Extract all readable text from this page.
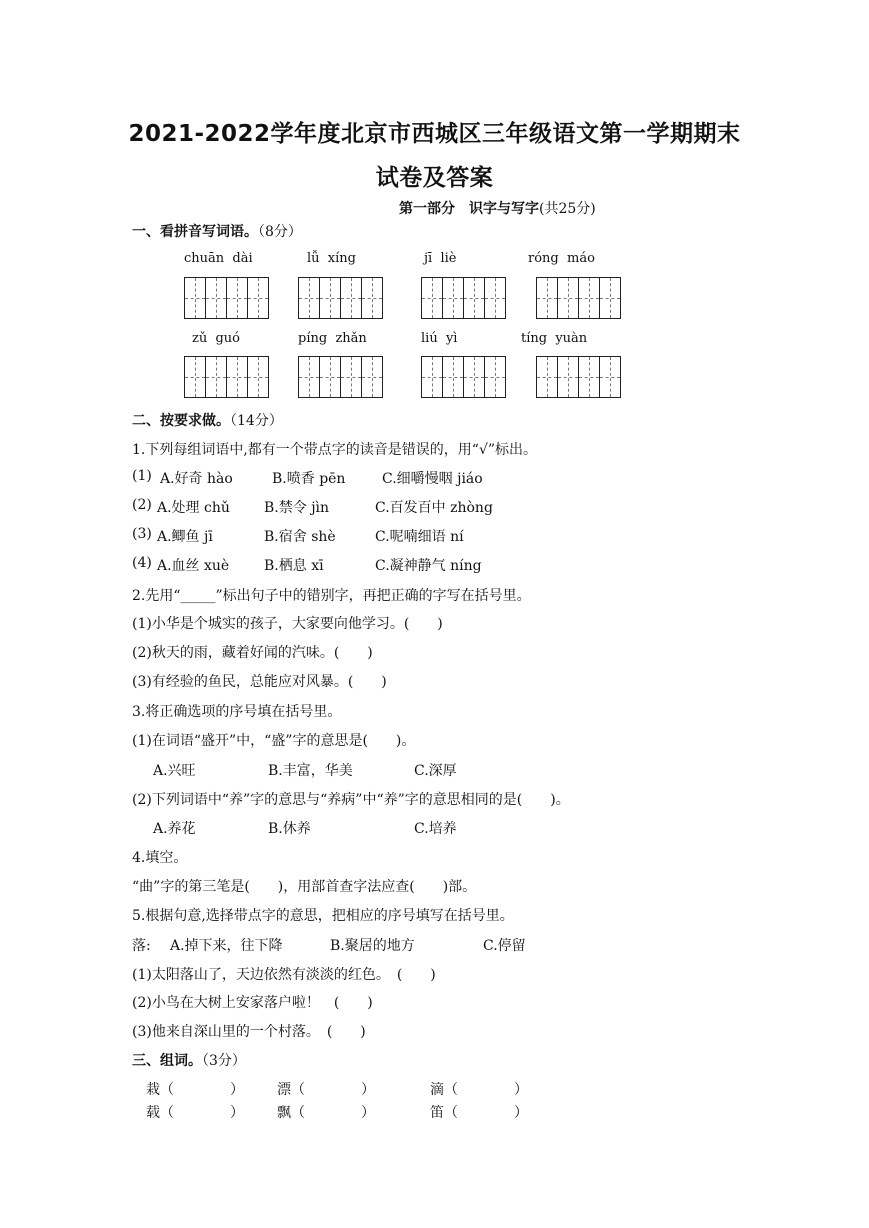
2021-2022学年度北京市西城区三年级语文第一学期期末
试卷及答案
第一部分　识字与写字(共25分)
一、看拼音写词语。（8分）
chuān  dài	lǚ  xíng	jī  liè	róng  máo
zǔ  guó	píng  zhǎn	liú  yì	tíng  yuàn
二、按要求做。（14分）
1.下列每组词语中,都有一个带点字的读音是错误的，用“√”标出。
(1) A.好奇 hào	B.喷香 pēn	C.细嚼慢咽 jiáo
(2) A.处理 chǔ B.禁令 jìn	C.百发百中 zhòng
(3) A.鲫鱼 jī	B.宿舍 shè	C.呢喃细语 ní
(4) A.血丝 xuè B.栖息 xī	C.凝神静气 níng
2.先用“_____”标出句子中的错别字，再把正确的字写在括号里。
(1)小华是个城实的孩子，大家要向他学习。(　　)
(2)秋天的雨，藏着好闻的汽味。(　　)
(3)有经验的鱼民，总能应对风暴。(　　)
3.将正确选项的序号填在括号里。
(1)在词语“盛开”中，“盛”字的意思是(　　)。
A.兴旺	B.丰富，华美	C.深厚
(2)下列词语中“养”字的意思与“养病”中“养”字的意思相同的是(　　)。
A.养花	B.休养	C.培养
4.填空。
“曲”字的第三笔是(　　)，用部首查字法应查(　　)部。
5.根据句意,选择带点字的意思，把相应的序号填写在括号里。
落: A.掉下来，往下降	B.聚居的地方	C.停留
(1)太阳落山了，天边依然有淡淡的红色。　(　　)
(2)小鸟在大树上安家落户啦！　(　　)
(3)他来自深山里的一个村落。　(　　)
三、组词。（3分）
栽（　　　　） 漂（　　　　）	滴（　　　　）
载（　　　　） 飘（　　　　）	笛（　　　　）
